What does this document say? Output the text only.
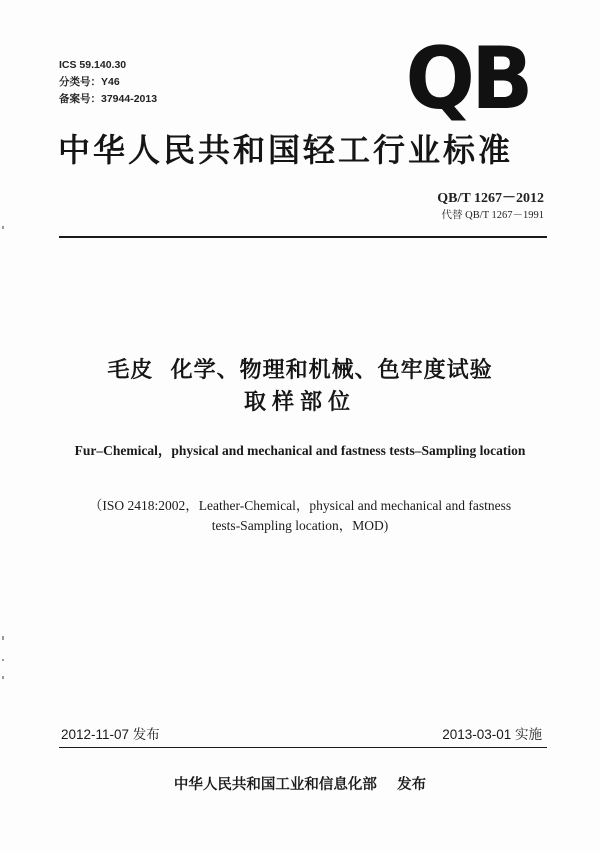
ICS 59.140.30
分类号：Y46
备案号：37944-2013	QB
中华人民共和国轻工行业标准
QB/T 1267－2012
代替 QB/T 1267－1991
毛皮  化学、物理和机械、色牢度试验
取样部位
Fur–Chemical，physical and mechanical and fastness tests–Sampling location
（ISO 2418:2002，Leather-Chemical，physical and mechanical and fastness
tests-Sampling location，MOD)
2012-11-07 发布	2013-03-01 实施
中华人民共和国工业和信息化部    发布
